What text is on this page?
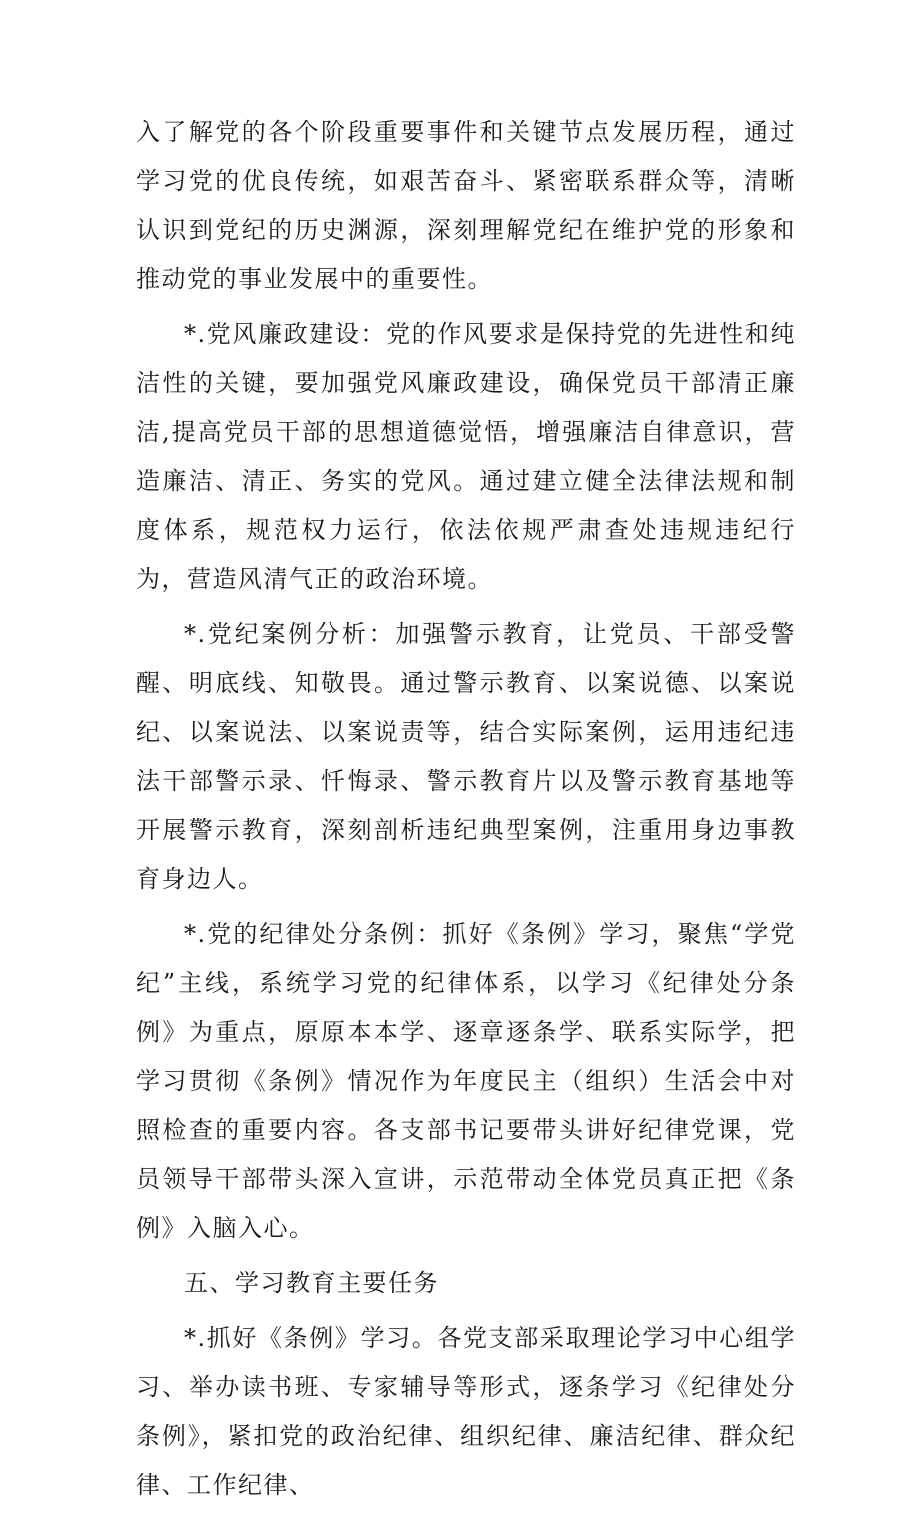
入了解党的各个阶段重要事件和关键节点发展历程，通过学习党的优良传统，如艰苦奋斗、紧密联系群众等，清晰认识到党纪的历史渊源，深刻理解党纪在维护党的形象和推动党的事业发展中的重要性。

*.党风廉政建设：党的作风要求是保持党的先进性和纯洁性的关键，要加强党风廉政建设，确保党员干部清正廉洁,提高党员干部的思想道德觉悟，增强廉洁自律意识，营造廉洁、清正、务实的党风。通过建立健全法律法规和制度体系，规范权力运行，依法依规严肃查处违规违纪行为，营造风清气正的政治环境。

*.党纪案例分析：加强警示教育，让党员、干部受警醒、明底线、知敬畏。通过警示教育、以案说德、以案说纪、以案说法、以案说责等，结合实际案例，运用违纪违法干部警示录、忏悔录、警示教育片以及警示教育基地等开展警示教育，深刻剖析违纪典型案例，注重用身边事教育身边人。

*.党的纪律处分条例：抓好《条例》学习，聚焦“学党纪”主线，系统学习党的纪律体系，以学习《纪律处分条例》为重点，原原本本学、逐章逐条学、联系实际学，把学习贯彻《条例》情况作为年度民主（组织）生活会中对照检查的重要内容。各支部书记要带头讲好纪律党课，党员领导干部带头深入宣讲，示范带动全体党员真正把《条例》入脑入心。

五、学习教育主要任务

*.抓好《条例》学习。各党支部采取理论学习中心组学习、举办读书班、专家辅导等形式，逐条学习《纪律处分条例》，紧扣党的政治纪律、组织纪律、廉洁纪律、群众纪律、工作纪律、
